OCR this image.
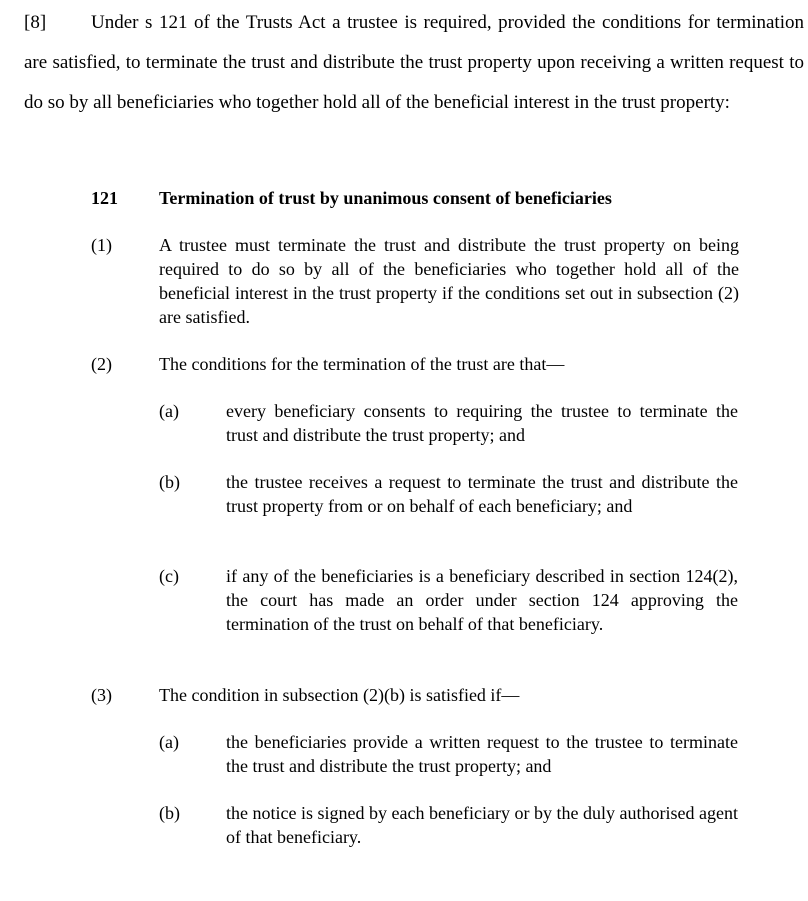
[8] Under s 121 of the Trusts Act a trustee is required, provided the conditions for termination are satisfied, to terminate the trust and distribute the trust property upon receiving a written request to do so by all beneficiaries who together hold all of the beneficial interest in the trust property:

121 Termination of trust by unanimous consent of beneficiaries
(1)	A trustee must terminate the trust and distribute the trust property on being required to do so by all of the beneficiaries who together hold all of the beneficial interest in the trust property if the conditions set out in subsection (2) are satisfied.
(2)	The conditions for the termination of the trust are that—
(a)	every beneficiary consents to requiring the trustee to terminate the trust and distribute the trust property; and
(b)	the trustee receives a request to terminate the trust and distribute the trust property from or on behalf of each beneficiary; and
(c)	if any of the beneficiaries is a beneficiary described in section 124(2), the court has made an order under section 124 approving the termination of the trust on behalf of that beneficiary.
(3)	The condition in subsection (2)(b) is satisfied if—
(a)	the beneficiaries provide a written request to the trustee to terminate the trust and distribute the trust property; and
(b)	the notice is signed by each beneficiary or by the duly authorised agent of that beneficiary.
